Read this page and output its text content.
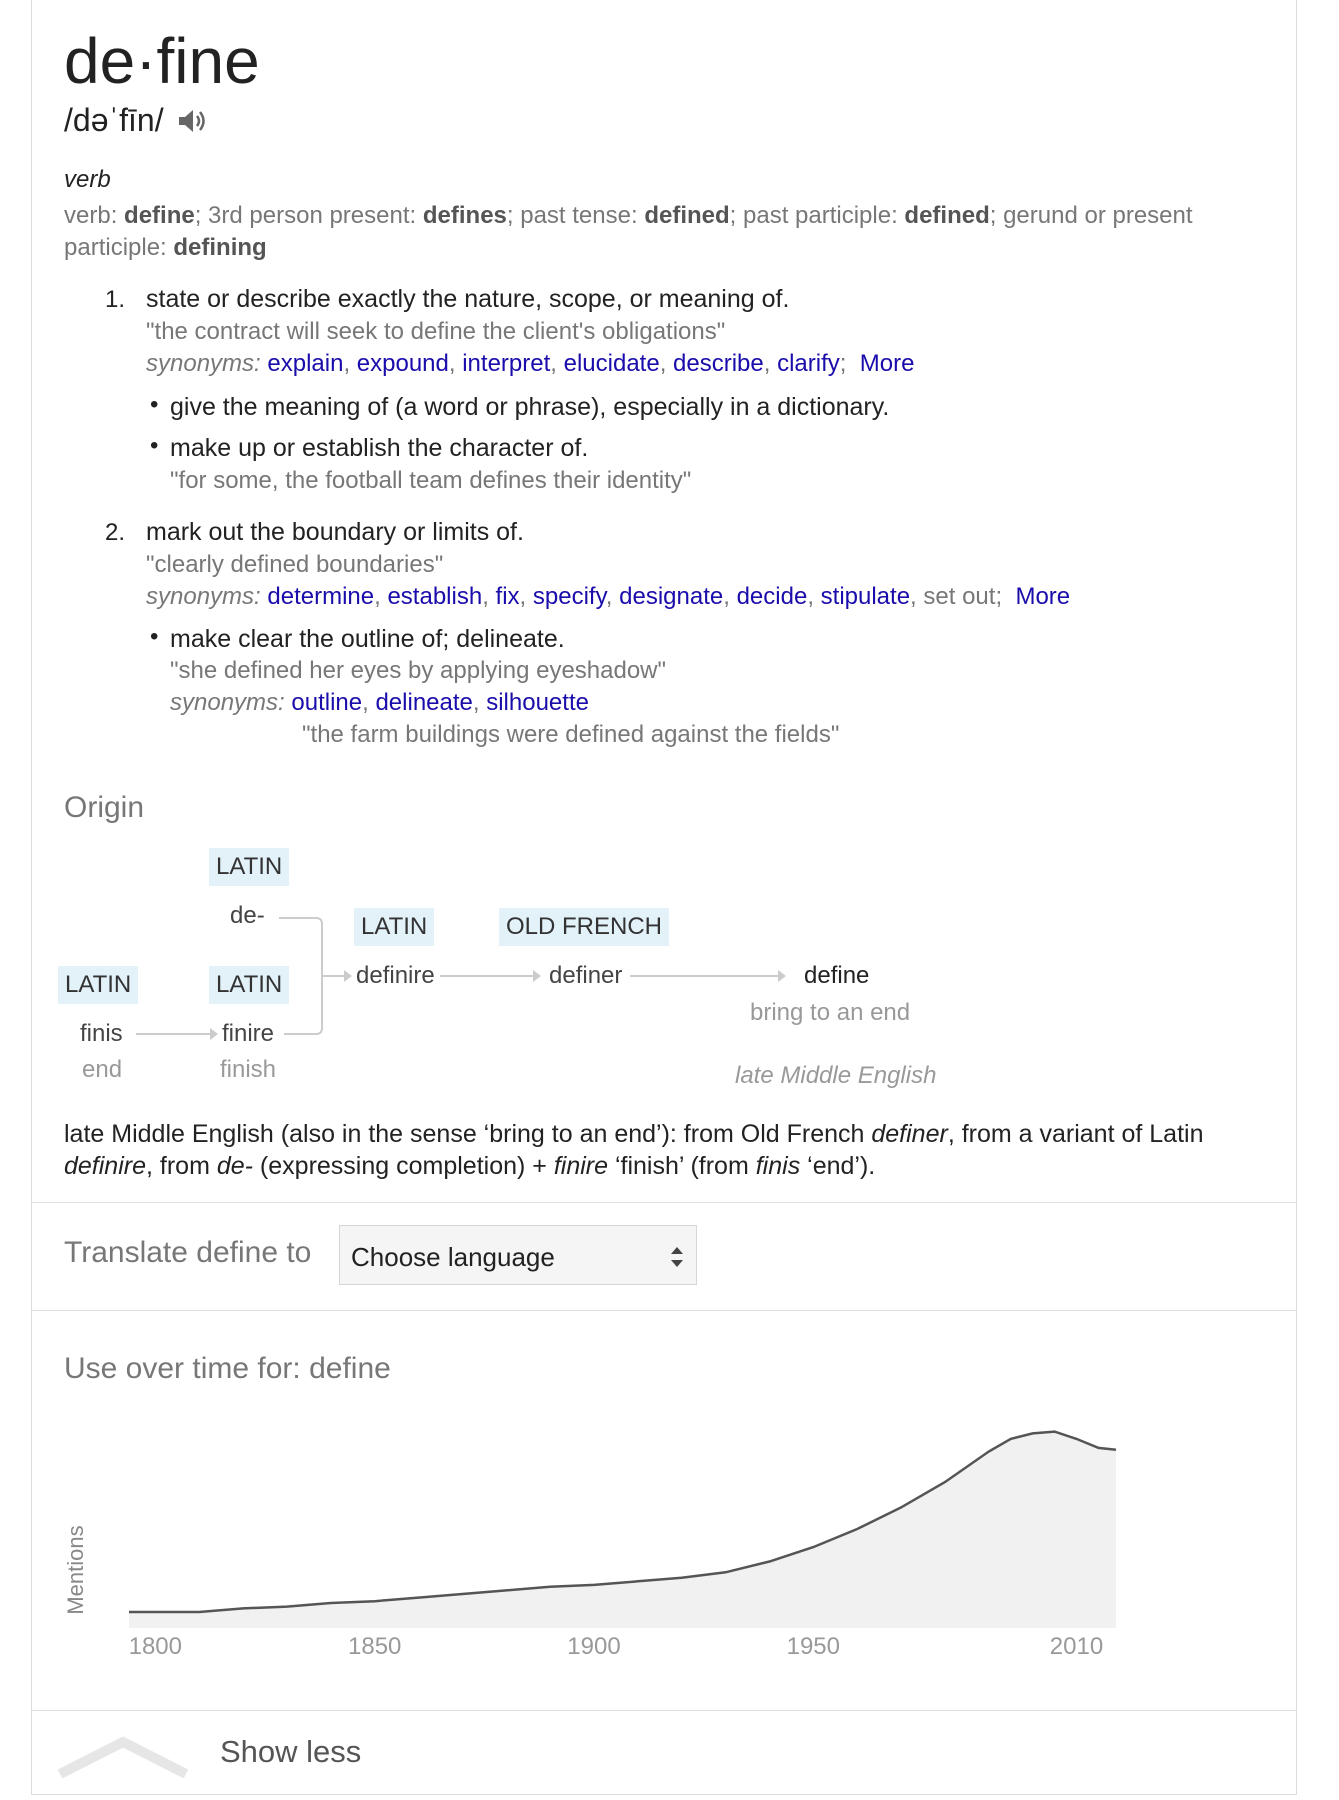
de·fine
/dəˈfīn/
verb
verb: define; 3rd person present: defines; past tense: defined; past participle: defined; gerund or present participle: defining
1. state or describe exactly the nature, scope, or meaning of.
"the contract will seek to define the client's obligations"
synonyms: explain, expound, interpret, elucidate, describe, clarify;  More
• give the meaning of (a word or phrase), especially in a dictionary.
• make up or establish the character of.
"for some, the football team defines their identity"
2. mark out the boundary or limits of.
"clearly defined boundaries"
synonyms: determine, establish, fix, specify, designate, decide, stipulate, set out;  More
• make clear the outline of; delineate.
"she defined her eyes by applying eyeshadow"
synonyms: outline, delineate, silhouette
"the farm buildings were defined against the fields"
Origin
LATIN
de-
LATIN
finis
end
LATIN
finire
finish
LATIN
definire
OLD FRENCH
definer	define
bring to an end
late Middle English
late Middle English (also in the sense ‘bring to an end’): from Old French definer, from a variant of Latin definire, from de- (expressing completion) + finire ‘finish’ (from finis ‘end’).
Translate define to	Choose language
Use over time for: define
1800	1850	1900	1950	2010
Mentions
Show less
